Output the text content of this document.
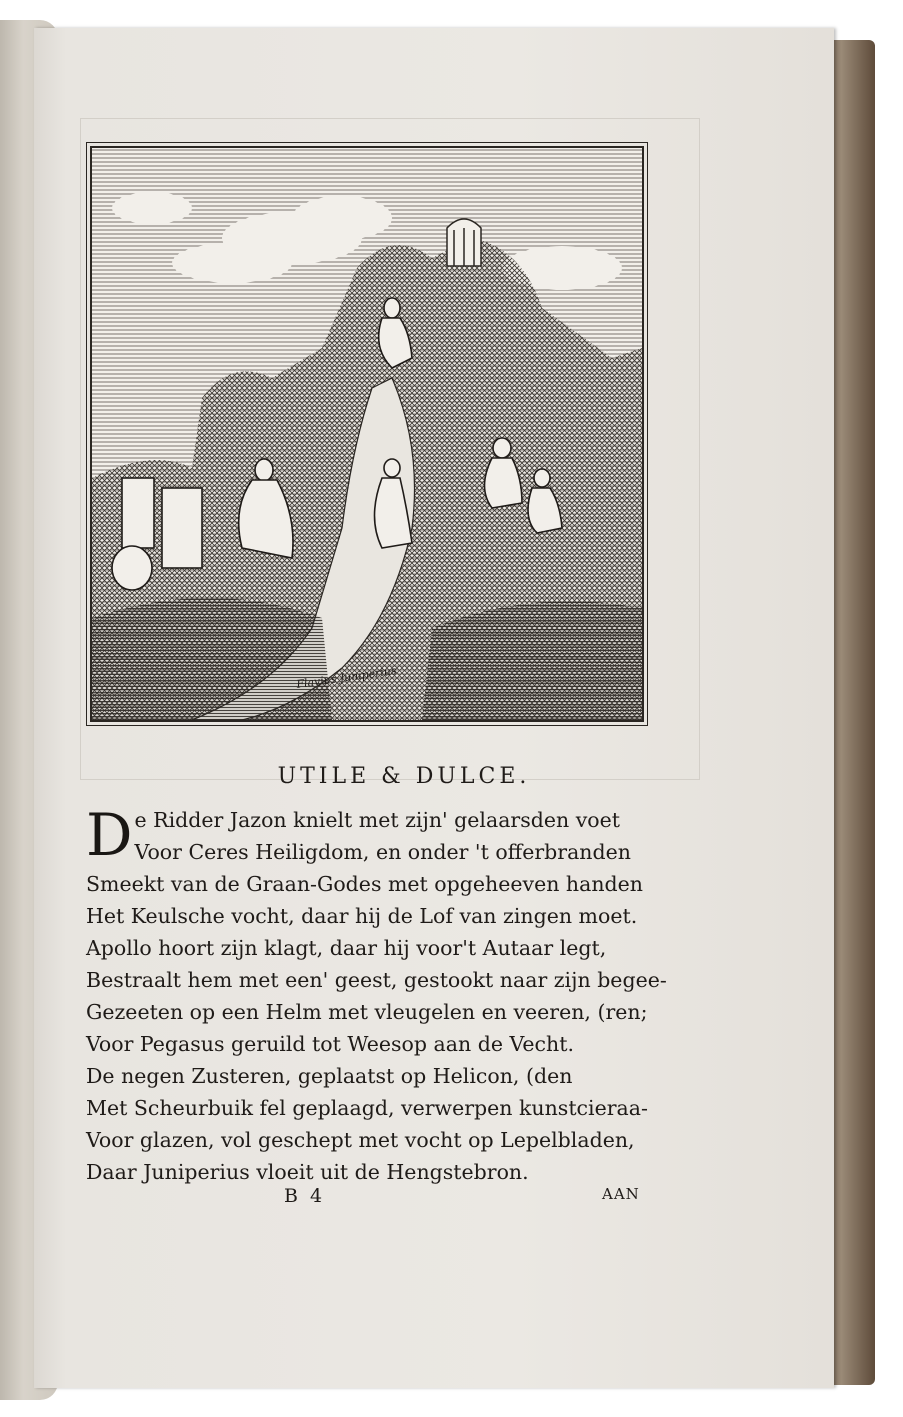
Flavius Juniperius
UTILE & DULCE.
D e Ridder Jazon knielt met zijn' gelaarsden voet
Voor Ceres Heiligdom, en onder 't offerbranden
Smeekt van de Graan-Godes met opgeheeven handen
Het Keulsche vocht, daar hij de Lof van zingen moet.
Apollo hoort zijn klagt, daar hij voor't Autaar legt,
Bestraalt hem met een' geest, gestookt naar zijn begee-
Gezeeten op een Helm met vleugelen en veeren, (ren;
Voor Pegasus geruild tot Weesop aan de Vecht.
De negen Zusteren, geplaatst op Helicon, (den
Met Scheurbuik fel geplaagd, verwerpen kunstcieraa-
Voor glazen, vol geschept met vocht op Lepelbladen,
Daar Juniperius vloeit uit de Hengstebron.
B 4	AAN
